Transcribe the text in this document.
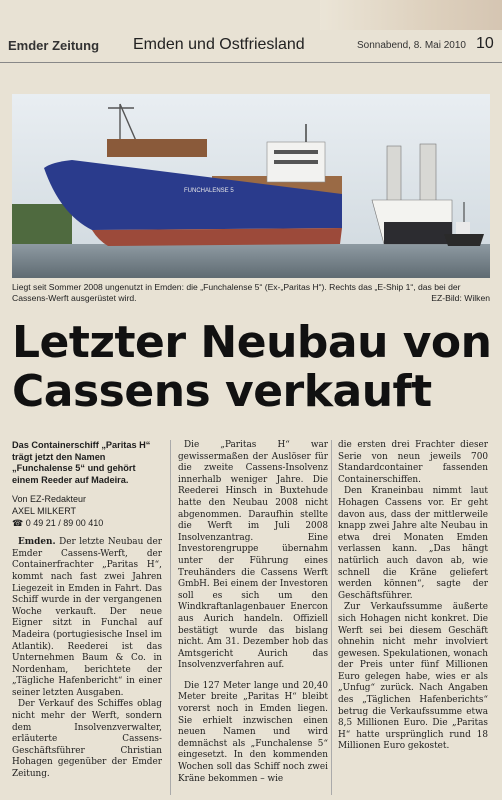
Emder Zeitung Emden und Ostfriesland	Sonnabend, 8. Mai 2010 10
FUNCHALENSE 5
Liegt seit Sommer 2008 ungenutzt in Emden: die „Funchalense 5“ (Ex-„Paritas H“). Rechts das „E-Ship 1“, das bei der Cassens-Werft ausgerüstet wird.	EZ-Bild: Wilken
Letzter Neubau von
Cassens verkauft
Das Containerschiff „Paritas H“ trägt jetzt den Namen „Funchalense 5“ und gehört einem Reeder auf Madeira.
Von EZ-Redakteur
AXEL MILKERT
☎ 0 49 21 / 89 00 410

Emden. Der letzte Neubau der Emder Cassens-Werft, der Containerfrachter „Paritas H“, kommt nach fast zwei Jahren Liegezeit in Emden in Fahrt. Das Schiff wurde in der vergangenen Woche verkauft. Der neue Eigner sitzt in Funchal auf Madeira (portugiesische Insel im Atlantik). Reederei ist das Unternehmen Baum & Co. in Nordenham, berichtete der „Tägliche Hafenbericht“ in einer seiner letzten Ausgaben.

Der Verkauf des Schiffes oblag nicht mehr der Werft, sondern dem Insolvenzverwalter, erläuterte Cassens-Geschäftsführer Christian Hohagen gegenüber der Emder Zeitung.

Die „Paritas H“ war gewissermaßen der Auslöser für die zweite Cassens-Insolvenz innerhalb weniger Jahre. Die Reederei Hinsch in Buxtehude hatte den Neubau 2008 nicht abgenommen. Daraufhin stellte die Werft im Juli 2008 Insolvenzantrag. Eine Investorengruppe übernahm unter der Führung eines Treuhänders die Cassens Werft GmbH. Bei einem der Investoren soll es sich um den Windkraftanlagenbauer Enercon aus Aurich handeln. Offiziell bestätigt wurde das bislang nicht. Am 31. Dezember hob das Amtsgericht Aurich das Insolvenzverfahren auf.

Die 127 Meter lange und 20,40 Meter breite „Paritas H“ bleibt vorerst noch in Emden liegen. Sie erhielt inzwischen einen neuen Namen und wird demnächst als „Funchalense 5“ eingesetzt. In den kommenden Wochen soll das Schiff noch zwei Kräne bekommen – wie

die ersten drei Frachter dieser Serie von neun jeweils 700 Standardcontainer fassenden Containerschiffen.

Den Kraneinbau nimmt laut Hohagen Cassens vor. Er geht davon aus, dass der mittlerweile knapp zwei Jahre alte Neubau in etwa drei Monaten Emden verlassen kann. „Das hängt natürlich auch davon ab, wie schnell die Kräne geliefert werden können“, sagte der Geschäftsführer.

Zur Verkaufssumme äußerte sich Hohagen nicht konkret. Die Werft sei bei diesem Geschäft ohnehin nicht mehr involviert gewesen. Spekulationen, wonach der Preis unter fünf Millionen Euro gelegen habe, wies er als „Unfug“ zurück. Nach Angaben des „Täglichen Hafenberichts“ betrug die Verkaufssumme etwa 8,5 Millionen Euro. Die „Paritas H“ hatte ursprünglich rund 18 Millionen Euro gekostet.
